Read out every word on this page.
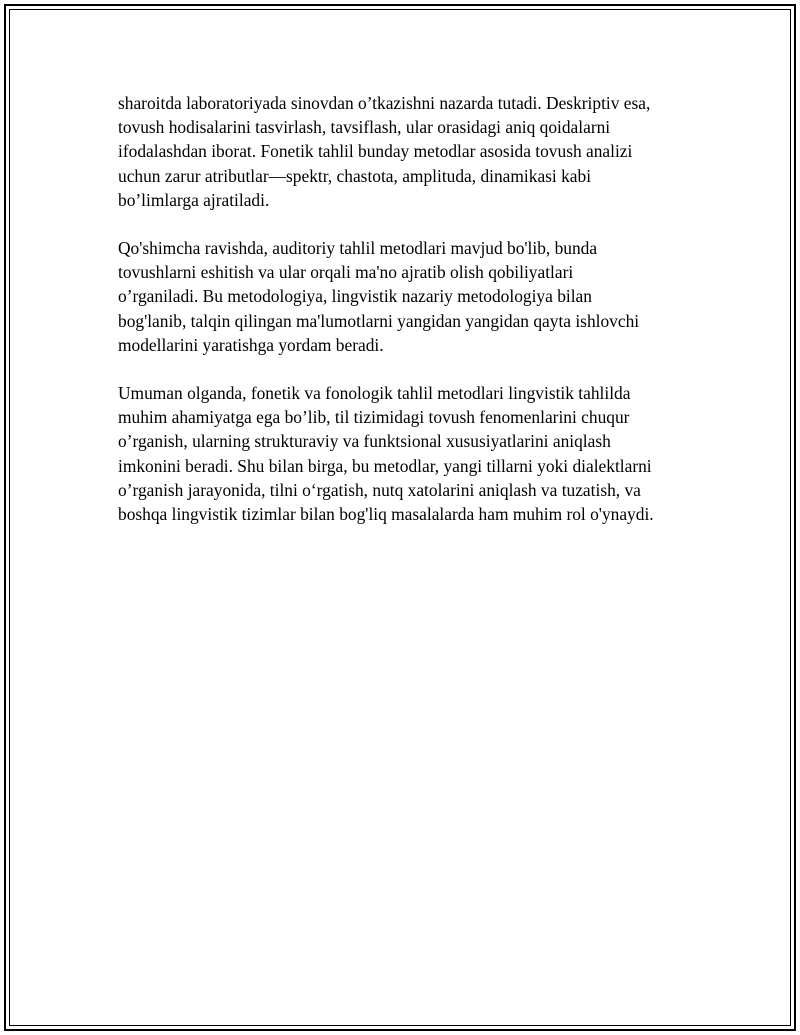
sharoitda laboratoriyada sinovdan o’tkazishni nazarda tutadi. Deskriptiv esa,
tovush hodisalarini tasvirlash, tavsiflash, ular orasidagi aniq qoidalarni
ifodalashdan iborat. Fonetik tahlil bunday metodlar asosida tovush analizi
uchun zarur atributlar—spektr, chastota, amplituda, dinamikasi kabi
bo’limlarga ajratiladi.

Qo'shimcha ravishda, auditoriy tahlil metodlari mavjud bo'lib, bunda
tovushlarni eshitish va ular orqali ma'no ajratib olish qobiliyatlari
o’rganiladi. Bu metodologiya, lingvistik nazariy metodologiya bilan
bog'lanib, talqin qilingan ma'lumotlarni yangidan yangidan qayta ishlovchi
modellarini yaratishga yordam beradi.

Umuman olganda, fonetik va fonologik tahlil metodlari lingvistik tahlilda
muhim ahamiyatga ega bo’lib, til tizimidagi tovush fenomenlarini chuqur
o’rganish, ularning strukturaviy va funktsional xususiyatlarini aniqlash
imkonini beradi. Shu bilan birga, bu metodlar, yangi tillarni yoki dialektlarni
o’rganish jarayonida, tilni o‘rgatish, nutq xatolarini aniqlash va tuzatish, va
boshqa lingvistik tizimlar bilan bog'liq masalalarda ham muhim rol o'ynaydi.
